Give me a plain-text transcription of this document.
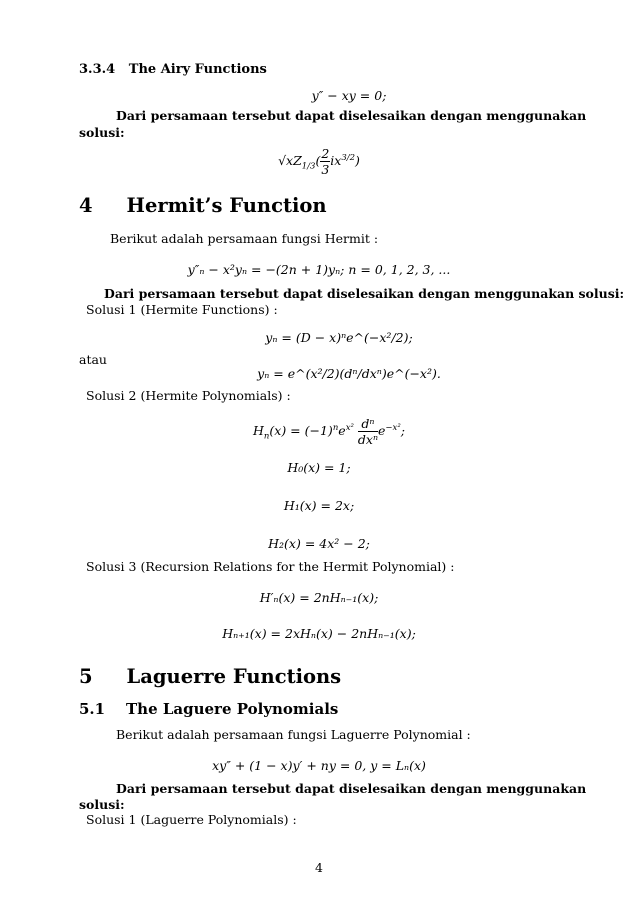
3.3.4 The Airy Functions
y″ − xy = 0;
Dari persamaan tersebut dapat diselesaikan dengan menggunakan
solusi:
$√xZ_{1/3}( \frac{2}{3} ix^{3/2})$
4 Hermit’s Function
Berikut adalah persamaan fungsi Hermit :
y″ₙ − x²yₙ = −(2n + 1)yₙ; n = 0, 1, 2, 3, ...
Dari persamaan tersebut dapat diselesaikan dengan menggunakan solusi:
Solusi 1 (Hermite Functions) :
yₙ = (D − x)ⁿe^(−x²/2);
atau
yₙ = e^(x²/2)(dⁿ/dxⁿ)e^(−x²).
Solusi 2 (Hermite Polynomials) :
$H_n(x) = (-1)^ne^{x^2} \frac{\text{dⁿ}}{\text{dxⁿ}} e^{-x^2}$;
H₀(x) = 1;
H₁(x) = 2x;
H₂(x) = 4x² − 2;
Solusi 3 (Recursion Relations for the Hermit Polynomial) :
H′ₙ(x) = 2nHₙ₋₁(x);
Hₙ₊₁(x) = 2xHₙ(x) − 2nHₙ₋₁(x);
5 Laguerre Functions
5.1 The Laguere Polynomials
Berikut adalah persamaan fungsi Laguerre Polynomial :
xy″ + (1 − x)y′ + ny = 0, y = Lₙ(x)
Dari persamaan tersebut dapat diselesaikan dengan menggunakan
solusi:
Solusi 1 (Laguerre Polynomials) :
4
